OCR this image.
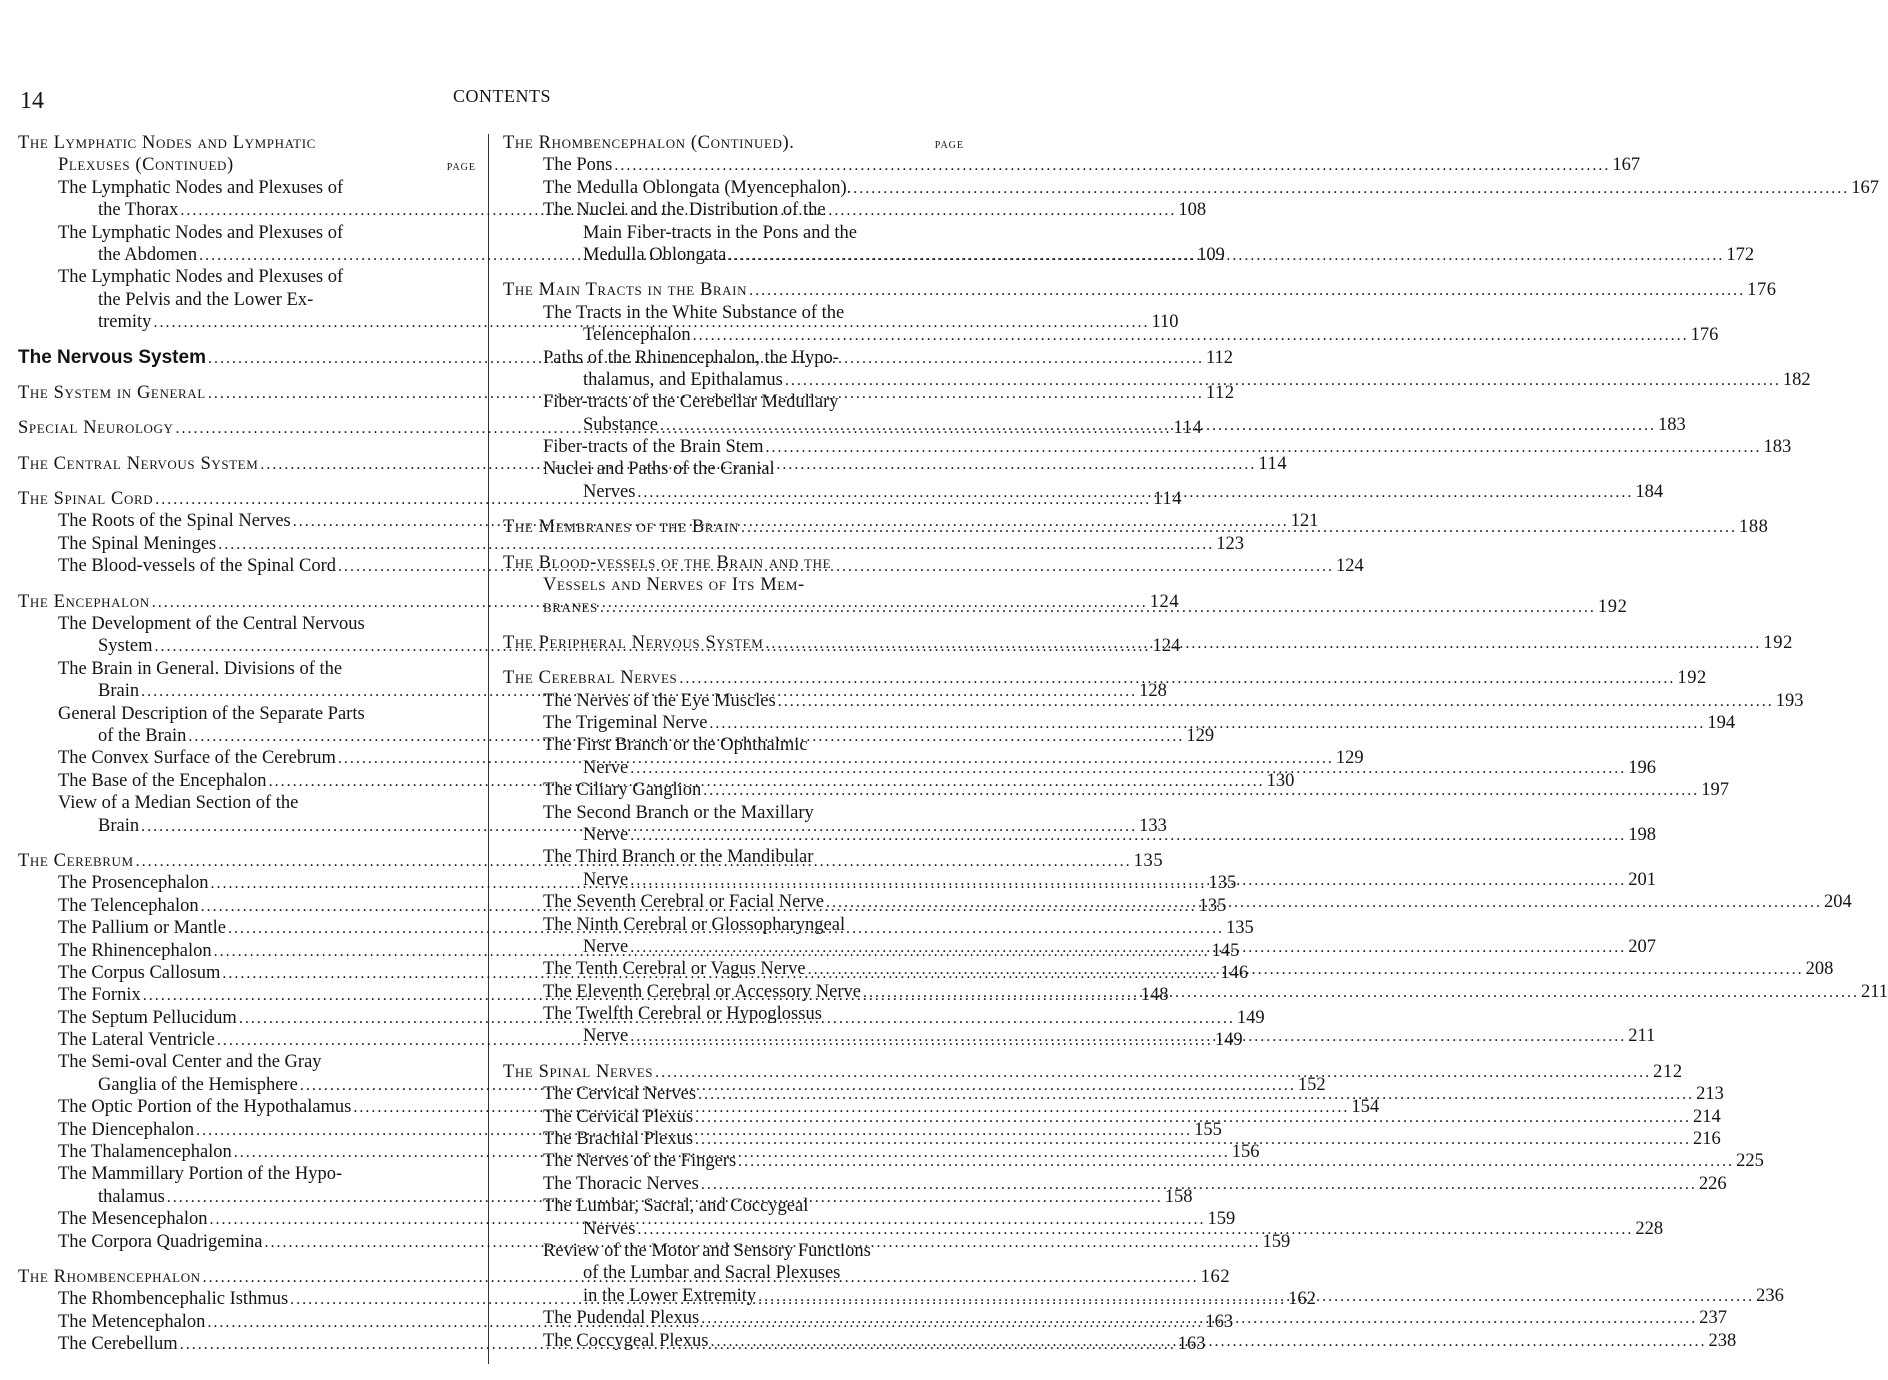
14	CONTENTS
The Lymphatic Nodes and Lymphatic
Plexuses (Continued)	PAGE
The Lymphatic Nodes and Plexuses of
the Thorax .....	108
The Lymphatic Nodes and Plexuses of
the Abdomen .....	109
The Lymphatic Nodes and Plexuses of
the Pelvis and the Lower Ex-
tremity .....	110
The Nervous System .....	112
The System in General .....	112
Special Neurology .....	114
The Central Nervous System .....	114
The Spinal Cord .....	114
The Roots of the Spinal Nerves .....	121
The Spinal Meninges .....	123
The Blood-vessels of the Spinal Cord .....	124
The Encephalon .....	124
The Development of the Central Nervous
System .....	124
The Brain in General. Divisions of the
Brain .....	128
General Description of the Separate Parts
of the Brain .....	129
The Convex Surface of the Cerebrum .....	129
The Base of the Encephalon .....	130
View of a Median Section of the
Brain .....	133
The Cerebrum .....	135
The Prosencephalon .....	135
The Telencephalon .....	135
The Pallium or Mantle .....	135
The Rhinencephalon .....	145
The Corpus Callosum .....	146
The Fornix .....	148
The Septum Pellucidum .....	149
The Lateral Ventricle .....	149
The Semi-oval Center and the Gray
Ganglia of the Hemisphere .....	152
The Optic Portion of the Hypothalamus .....	154
The Diencephalon .....	155
The Thalamencephalon .....	156
The Mammillary Portion of the Hypo-
thalamus .....	158
The Mesencephalon .....	159
The Corpora Quadrigemina .....	159
The Rhombencephalon .....	162
The Rhombencephalic Isthmus .....	162
The Metencephalon .....	163
The Cerebellum .....	163
The Rhombencephalon (Continued).	PAGE
The Pons .....	167
The Medulla Oblongata (Myencephalon). .....	167
The Nuclei and the Distribution of the
Main Fiber-tracts in the Pons and the
Medulla Oblongata .....	172
The Main Tracts in the Brain .....	176
The Tracts in the White Substance of the
Telencephalon .....	176
Paths of the Rhinencephalon, the Hypo-
thalamus, and Epithalamus .....	182
Fiber-tracts of the Cerebellar Medullary
Substance .....	183
Fiber-tracts of the Brain Stem .....	183
Nuclei and Paths of the Cranial
Nerves .....	184
The Membranes of the Brain .....	188
The Blood-vessels of the Brain and the
Vessels and Nerves of Its Mem-
branes .....	192
The Peripheral Nervous System .....	192
The Cerebral Nerves .....	192
The Nerves of the Eye Muscles .....	193
The Trigeminal Nerve .....	194
The First Branch or the Ophthalmic
Nerve .....	196
The Ciliary Ganglion .....	197
The Second Branch or the Maxillary
Nerve .....	198
The Third Branch or the Mandibular
Nerve .....	201
The Seventh Cerebral or Facial Nerve .....	204
The Ninth Cerebral or Glossopharyngeal
Nerve .....	207
The Tenth Cerebral or Vagus Nerve .....	208
The Eleventh Cerebral or Accessory Nerve .....	211
The Twelfth Cerebral or Hypoglossus
Nerve .....	211
The Spinal Nerves .....	212
The Cervical Nerves .....	213
The Cervical Plexus .....	214
The Brachial Plexus .....	216
The Nerves of the Fingers .....	225
The Thoracic Nerves .....	226
The Lumbar, Sacral, and Coccygeal
Nerves .....	228
Review of the Motor and Sensory Functions
of the Lumbar and Sacral Plexuses
in the Lower Extremity .....	236
The Pudendal Plexus .....	237
The Coccygeal Plexus .....	238
